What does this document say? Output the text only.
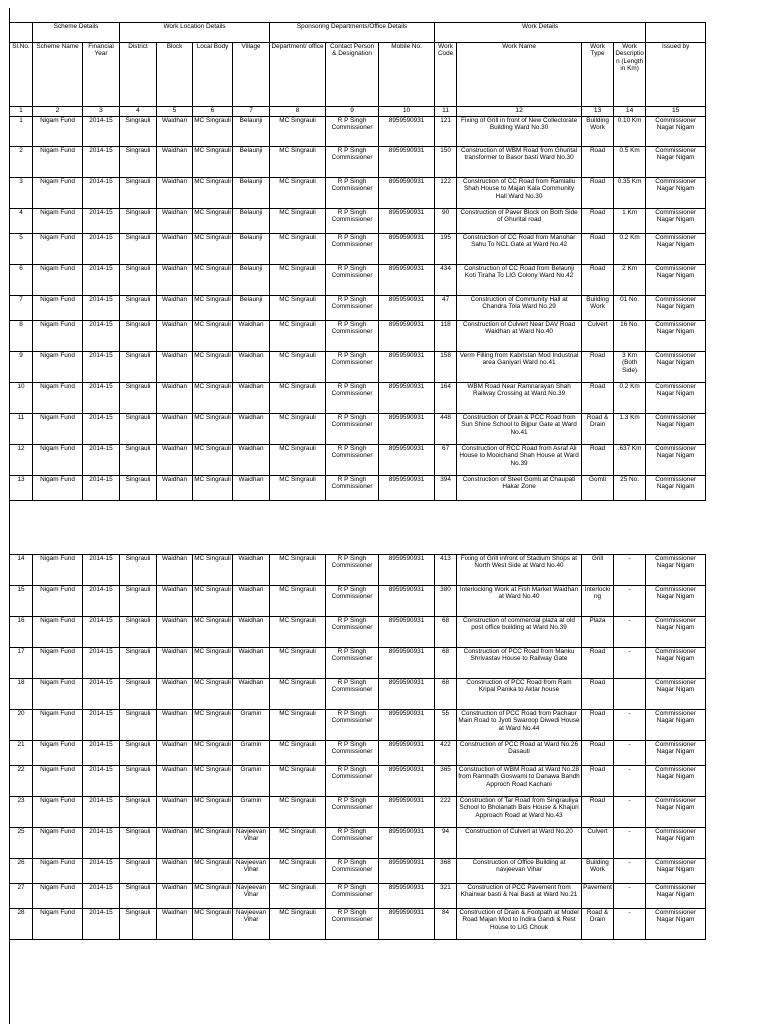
	Scheme Details		Work Location Details				Sponsoring Departments/Office Details			Work Details				
Sl.No.	Scheme Name	Financial Year	District	Block	Local Body	Village	Department/ office	Contact Person & Designation	Mobile No.	Work Code	Work Name	Work Type	Work Description (Length in Km)	Issued by
1	2	3	4	5	6	7	8	9	10	11	12	13	14	15
1	Nigam Fund	2014-15	Singrauli	Waidhan	MC Singrauli	Belaunji	MC Singrauli	R P Singh Commissioner	8959590931	121	Fixing of Grill in front of New Collectorate Building Ward No.30	Building Work	0.10 Km	Commissioner Nagar Nigam
2	Nigam Fund	2014-15	Singrauli	Waidhan	MC Singrauli	Belaunji	MC Singrauli	R P Singh Commissioner	8959590931	150	Construction of WBM Road from Ghurital transformer to Basor basti Ward No.30	Road	0.5 Km	Commissioner Nagar Nigam
3	Nigam Fund	2014-15	Singrauli	Waidhan	MC Singrauli	Belaunji	MC Singrauli	R P Singh Commissioner	8959590931	122	Construction of CC Road from Ramlallu Shah House to Majan Kala Community Hall Ward No.30	Road	0.35 Km	Commissioner Nagar Nigam
4	Nigam Fund	2014-15	Singrauli	Waidhan	MC Singrauli	Belaunji	MC Singrauli	R P Singh Commissioner	8959590931	90	Construction of Paver Block on Both Side of Ghurital road	Road	1 Km	Commissioner Nagar Nigam
5	Nigam Fund	2014-15	Singrauli	Waidhan	MC Singrauli	Belaunji	MC Singrauli	R P Singh Commissioner	8959590931	195	Construction of CC Road from Manohar Sahu To NCL Gate at Ward No.42	Road	0.2 Km	Commissioner Nagar Nigam
6	Nigam Fund	2014-15	Singrauli	Waidhan	MC Singrauli	Belaunji	MC Singrauli	R P Singh Commissioner	8959590931	434	Construction of CC Road from Belaunji Koti Tiraha To LIG Colony Ward No.42	Road	2 Km	Commissioner Nagar Nigam
7	Nigam Fund	2014-15	Singrauli	Waidhan	MC Singrauli	Belaunji	MC Singrauli	R P Singh Commissioner	8959590931	47	Construction of Community Hall at Chandra Tola Ward No.29	Building Work	01 No.	Commissioner Nagar Nigam
8	Nigam Fund	2014-15	Singrauli	Waidhan	MC Singrauli	Waidhan	MC Singrauli	R P Singh Commissioner	8959590931	118	Construction of Culvert Near DAV Road Waidhan at Ward No.40	Culvert	16 No.	Commissioner Nagar Nigam
9	Nigam Fund	2014-15	Singrauli	Waidhan	MC Singrauli	Waidhan	MC Singrauli	R P Singh Commissioner	8959590931	158	Verm Filling from Kabristan Mod Industrial area Ganiyari Ward no.41	Road	3 Km (Both Side)	Commissioner Nagar Nigam
10	Nigam Fund	2014-15	Singrauli	Waidhan	MC Singrauli	Waidhan	MC Singrauli	R P Singh Commissioner	8959590931	164	WBM Road Near Ramnarayan Shah Railway Crossing at Ward No.39	Road	0.2 Km	Commissioner Nagar Nigam
11	Nigam Fund	2014-15	Singrauli	Waidhan	MC Singrauli	Waidhan	MC Singrauli	R P Singh Commissioner	8959590931	448	Construction of Drain & PCC Road from Sun Shine School to Bijpur Gate at Ward No.41	Road & Drain	1.3 Km	Commissioner Nagar Nigam
12	Nigam Fund	2014-15	Singrauli	Waidhan	MC Singrauli	Waidhan	MC Singrauli	R P Singh Commissioner	8959590931	67	Construction of RCC Road from Asraf Ali House to Mooichand Shah House at Ward No.39	Road	.637 Km	Commissioner Nagar Nigam
13	Nigam Fund	2014-15	Singrauli	Waidhan	MC Singrauli	Waidhan	MC Singrauli	R P Singh Commissioner	8959590931	394	Construction of Steel Gomti at Chaupati Hakar Zone	Gomti	25 No.	Commissioner Nagar Nigam
14	Nigam Fund	2014-15	Singrauli	Waidhan	MC Singrauli	Waidhan	MC Singrauli	R P Singh Commissioner	8959590931	413	Fixing of Grill infront of Stadium Shops at North West Side at Ward No.40	Grill	-	Commissioner Nagar Nigam
15	Nigam Fund	2014-15	Singrauli	Waidhan	MC Singrauli	Waidhan	MC Singrauli	R P Singh Commissioner	8959590931	380	Interlocking Work at Fish Market Waidhan at Ward No.40	Interlocking	-	Commissioner Nagar Nigam
16	Nigam Fund	2014-15	Singrauli	Waidhan	MC Singrauli	Waidhan	MC Singrauli	R P Singh Commissioner	8959590931	68	Construction of commercial plaza at old post office building at Ward No.39	Plaza	-	Commissioner Nagar Nigam
17	Nigam Fund	2014-15	Singrauli	Waidhan	MC Singrauli	Waidhan	MC Singrauli	R P Singh Commissioner	8959590931	68	Construction of PCC Road from Manku Shrivastav House to Railway Gate	Road	-	Commissioner Nagar Nigam
18	Nigam Fund	2014-15	Singrauli	Waidhan	MC Singrauli	Waidhan	MC Singrauli	R P Singh Commissioner	8959590931	68	Construction of PCC Road from Ram Kripal Panika to Aktar house	Road		Commissioner Nagar Nigam
20	Nigam Fund	2014-15	Singrauli	Waidhan	MC Singrauli	Gramin	MC Singrauli	R P Singh Commissioner	8959590931	55	Construction of PCC Road from Pachaur Main Road to Jyoti Swaroop Diwedi House at Ward No.44	Road	-	Commissioner Nagar Nigam
21	Nigam Fund	2014-15	Singrauli	Waidhan	MC Singrauli	Gramin	MC Singrauli	R P Singh Commissioner	8959590931	422	Construction of PCC Road at Ward No.26 Dasauti	Road	-	Commissioner Nagar Nigam
22	Nigam Fund	2014-15	Singrauli	Waidhan	MC Singrauli	Gramin	MC Singrauli	R P Singh Commissioner	8959590931	365	Construction of WBM Road at Ward No.28 from Ramnath Goswami to Danawa Bandh Approch Road Kachani	Road	-	Commissioner Nagar Nigam
23	Nigam Fund	2014-15	Singrauli	Waidhan	MC Singrauli	Gramin	MC Singrauli	R P Singh Commissioner	8959590931	222	Construction of Tar Road from Singrauliya School to Bholanath Bais House & Khajuri Approach Road at Ward No.43	Road	-	Commissioner Nagar Nigam
25	Nigam Fund	2014-15	Singrauli	Waidhan	MC Singrauli	Navjeevan Vihar	MC Singrauli	R P Singh Commissioner	8959590931	94	Construction of Culvert at Ward No.20	Culvert	-	Commissioner Nagar Nigam
26	Nigam Fund	2014-15	Singrauli	Waidhan	MC Singrauli	Navjeevan Vihar	MC Singrauli	R P Singh Commissioner	8959590931	368	Construction of Office Building at navjeevan Vihar	Building Work	-	Commissioner Nagar Nigam
27	Nigam Fund	2014-15	Singrauli	Waidhan	MC Singrauli	Navjeevan Vihar	MC Singrauli	R P Singh Commissioner	8959590931	321	Construction of PCC Pavement from Khairwar basti & Nai Basti at Ward No.21	Pavement	-	Commissioner Nagar Nigam
28	Nigam Fund	2014-15	Singrauli	Waidhan	MC Singrauli	Navjeevan Vihar	MC Singrauli	R P Singh Commissioner	8959590931	84	Construction of Drain & Footpath at Model Road Majan Mod to Indira Gandi & Rest House to LIG Chouk	Road & Drain	-	Commissioner Nagar Nigam
